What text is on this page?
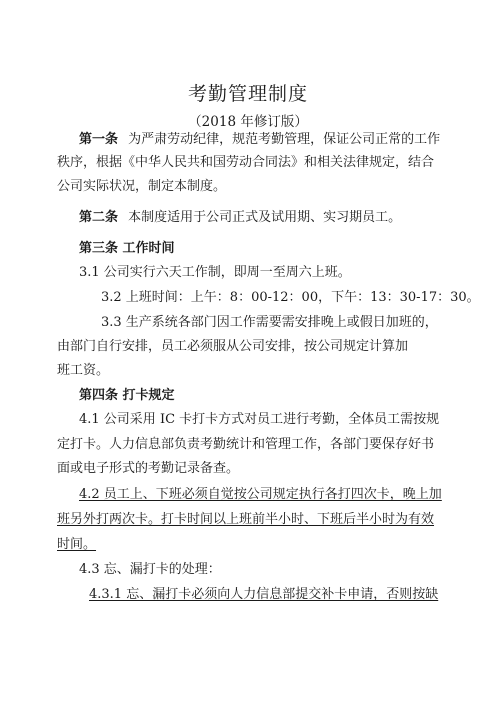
考勤管理制度
（2018 年修订版）
第一条 为严肃劳动纪律，规范考勤管理，保证公司正常的工作
秩序，根据《中华人民共和国劳动合同法》和相关法律规定，结合
公司实际状况，制定本制度。
第二条 本制度适用于公司正式及试用期、实习期员工。
第三条 工作时间
3.1 公司实行六天工作制，即周一至周六上班。
3.2 上班时间：上午：8：00-12：00，下午：13：30-17：30。
3.3 生产系统各部门因工作需要需安排晚上或假日加班的，
由部门自行安排，员工必须服从公司安排，按公司规定计算加
班工资。
第四条 打卡规定
4.1 公司采用 IC 卡打卡方式对员工进行考勤，全体员工需按规
定打卡。人力信息部负责考勤统计和管理工作，各部门要保存好书
面或电子形式的考勤记录备查。
4.2 员工上、下班必须自觉按公司规定执行各打四次卡，晚上加
班另外打两次卡。打卡时间以上班前半小时、下班后半小时为有效
时间。
4.3 忘、漏打卡的处理：
4.3.1 忘、漏打卡必须向人力信息部提交补卡申请，否则按缺
